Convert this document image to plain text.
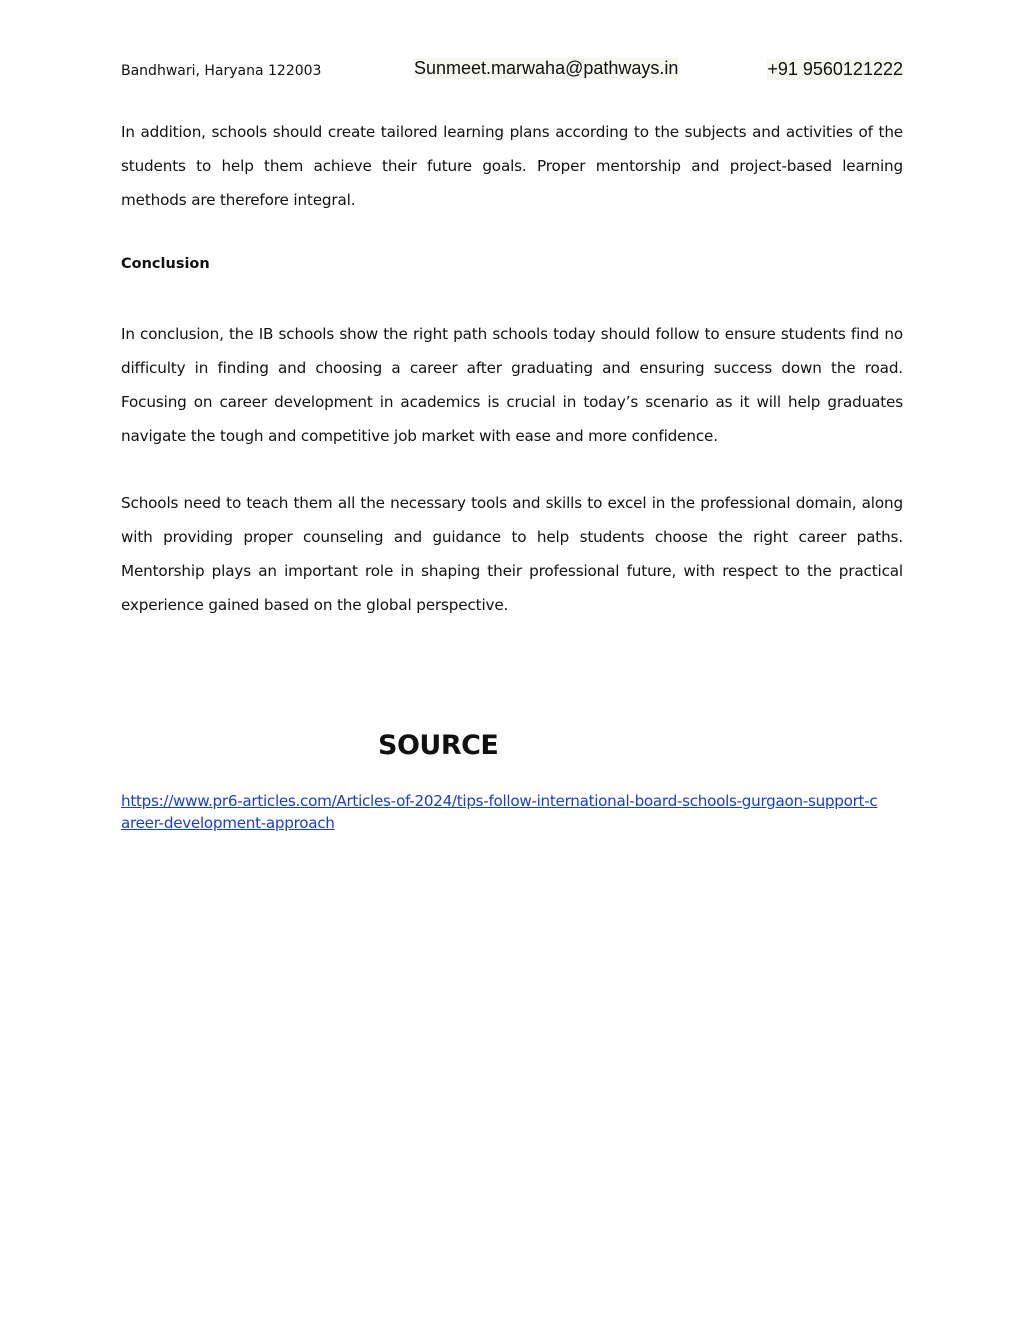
Bandhwari, Haryana 122003	Sunmeet.marwaha@pathways.in	+91 9560121222

In addition, schools should create tailored learning plans according to the subjects and activities of the students to help them achieve their future goals. Proper mentorship and project-based learning methods are therefore integral.

Conclusion

In conclusion, the IB schools show the right path schools today should follow to ensure students find no difficulty in finding and choosing a career after graduating and ensuring success down the road. Focusing on career development in academics is crucial in today’s scenario as it will help graduates navigate the tough and competitive job market with ease and more confidence.

Schools need to teach them all the necessary tools and skills to excel in the professional domain, along with providing proper counseling and guidance to help students choose the right career paths. Mentorship plays an important role in shaping their professional future, with respect to the practical experience gained based on the global perspective.

SOURCE
https://www.pr6-articles.com/Articles-of-2024/tips-follow-international-board-schools-gurgaon-support-career-development-approach
